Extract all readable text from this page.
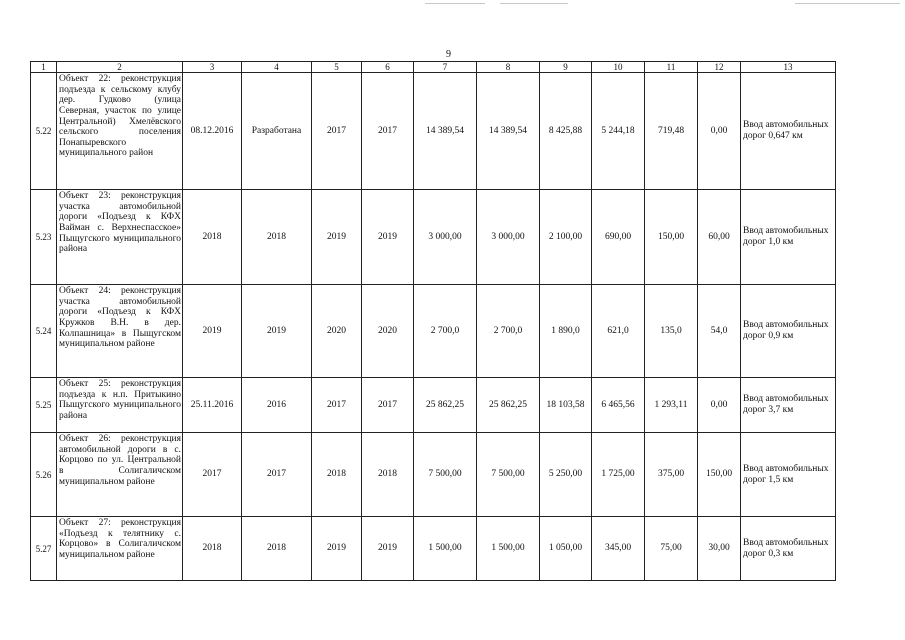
9
1	2	3	4	5	6	7	8	9	10	11	12	13
5.22	Объект 22: реконструкция подъезда к сельскому клубу дер. Гудково (улица Северная, участок по улице Центральной) Хмелёвского сельского поселения Понапыревского муниципального район	08.12.2016	Разработана	2017	2017	14 389,54	14 389,54	8 425,88	5 244,18	719,48	0,00	Ввод автомобильных дорог 0,647 км
5.23	Объект 23: реконструкция участка автомобильной дороги «Подъезд к КФХ Вайман с. Верхнеспасское» Пыщугского муниципального района	2018	2018	2019	2019	3 000,00	3 000,00	2 100,00	690,00	150,00	60,00	Ввод автомобильных дорог 1,0 км
5.24	Объект 24: реконструкция участка автомобильной дороги «Подъезд к КФХ Кружков В.Н. в дер. Колпашница» в Пыщугском муниципальном районе	2019	2019	2020	2020	2 700,0	2 700,0	1 890,0	621,0	135,0	54,0	Ввод автомобильных дорог 0,9 км
5.25	Объект 25: реконструкция подъезда к н.п. Притыкино Пыщугского муниципального района	25.11.2016	2016	2017	2017	25 862,25	25 862,25	18 103,58	6 465,56	1 293,11	0,00	Ввод автомобильных дорог 3,7 км
5.26	Объект 26: реконструкция автомобильной дороги в с. Корцово по ул. Центральной в Солигаличском муниципальном районе	2017	2017	2018	2018	7 500,00	7 500,00	5 250,00	1 725,00	375,00	150,00	Ввод автомобильных дорог 1,5 км
5.27	Объект 27: реконструкция «Подъезд к телятнику с. Корцово» в Солигаличском муниципальном районе	2018	2018	2019	2019	1 500,00	1 500,00	1 050,00	345,00	75,00	30,00	Ввод автомобильных дорог 0,3 км
